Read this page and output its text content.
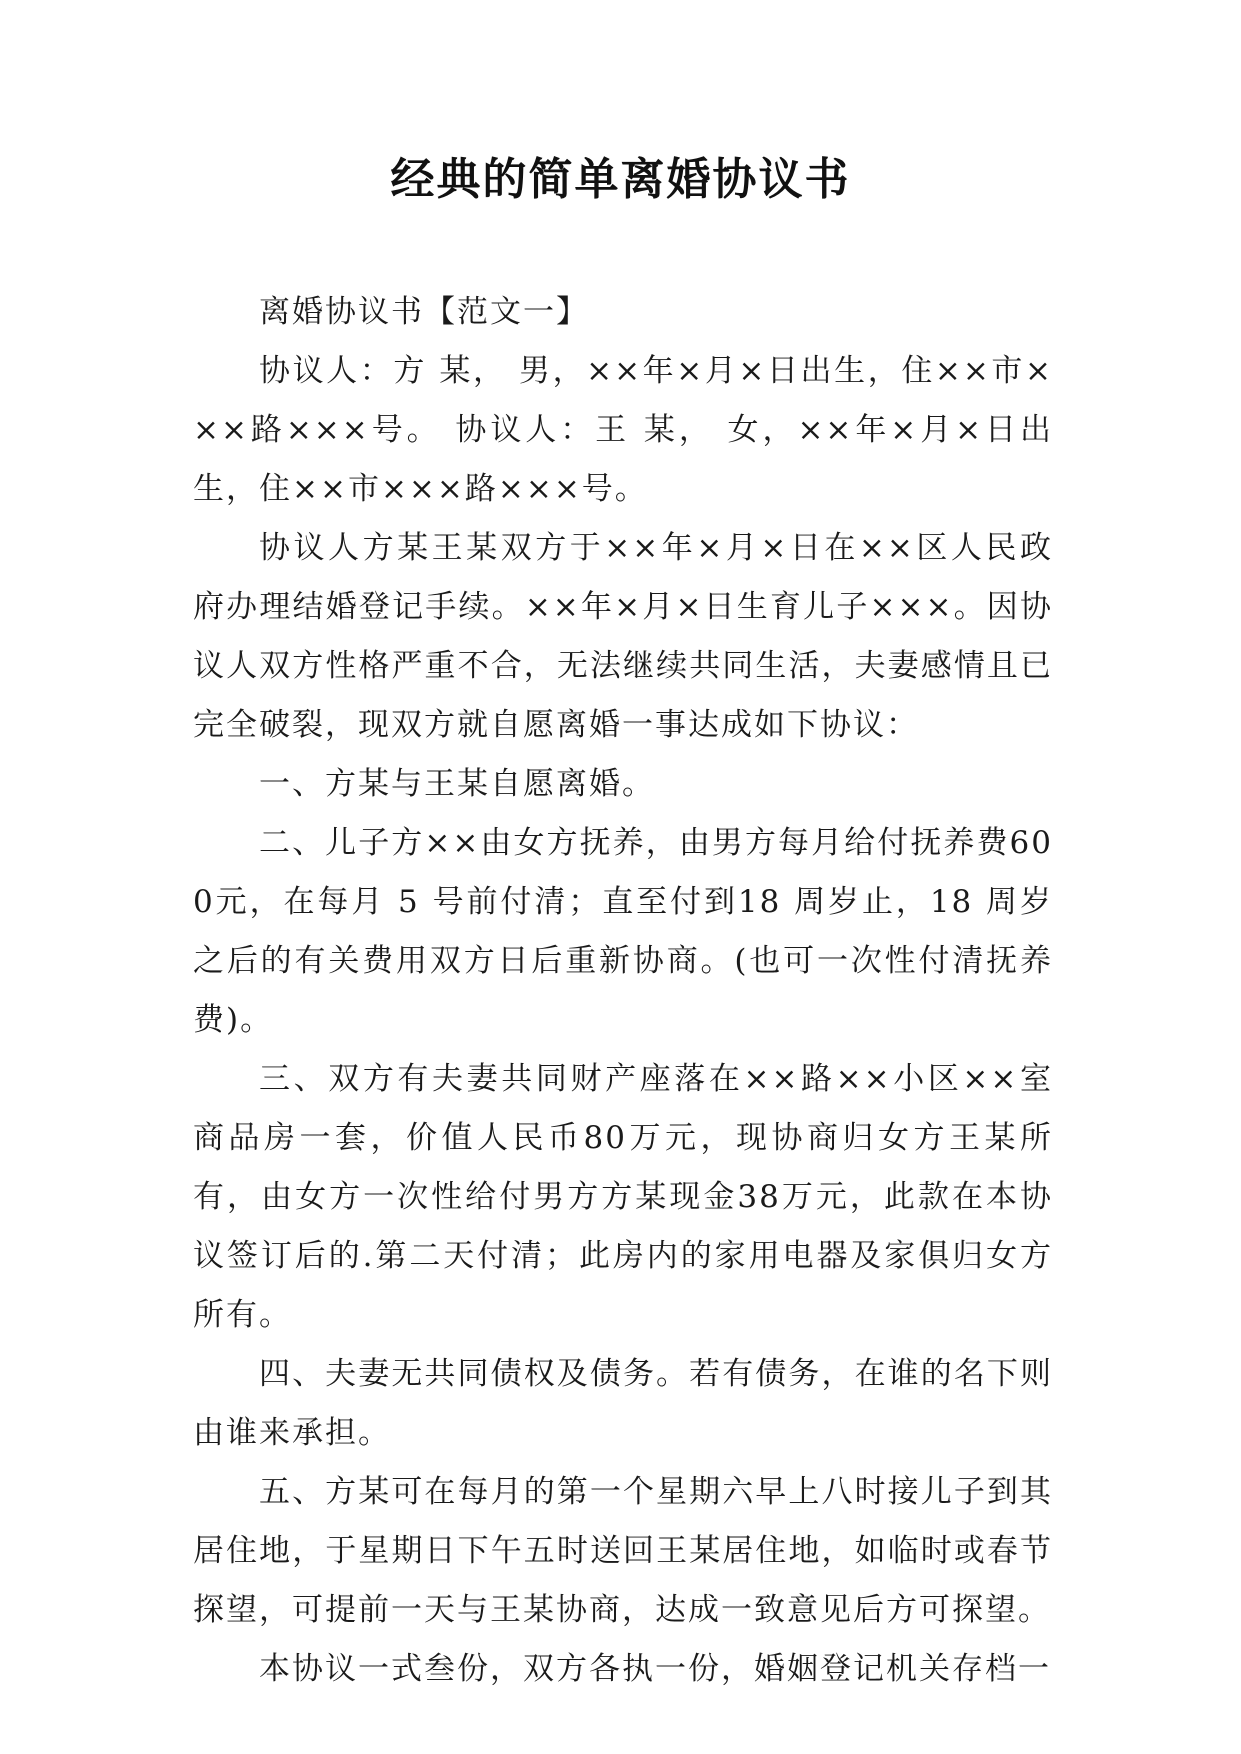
经典的简单离婚协议书

离婚协议书【范文一】

协议人：方 某， 男，××年×月×日出生，住××市×××路×××号。 协议人：王 某， 女，××年×月×日出生，住××市×××路×××号。

协议人方某王某双方于××年×月×日在××区人民政府办理结婚登记手续。××年×月×日生育儿子×××。因协议人双方性格严重不合，无法继续共同生活，夫妻感情且已完全破裂，现双方就自愿离婚一事达成如下协议：

一、方某与王某自愿离婚。

二、儿子方××由女方抚养，由男方每月给付抚养费600元，在每月 5 号前付清；直至付到18 周岁止，18 周岁之后的有关费用双方日后重新协商。(也可一次性付清抚养费)。

三、双方有夫妻共同财产座落在××路××小区××室商品房一套，价值人民币80万元，现协商归女方王某所有，由女方一次性给付男方方某现金38万元，此款在本协议签订后的.第二天付清；此房内的家用电器及家俱归女方所有。

四、夫妻无共同债权及债务。若有债务，在谁的名下则由谁来承担。

五、方某可在每月的第一个星期六早上八时接儿子到其居住地，于星期日下午五时送回王某居住地，如临时或春节探望，可提前一天与王某协商，达成一致意见后方可探望。

本协议一式叁份，双方各执一份，婚姻登记机关存档一
